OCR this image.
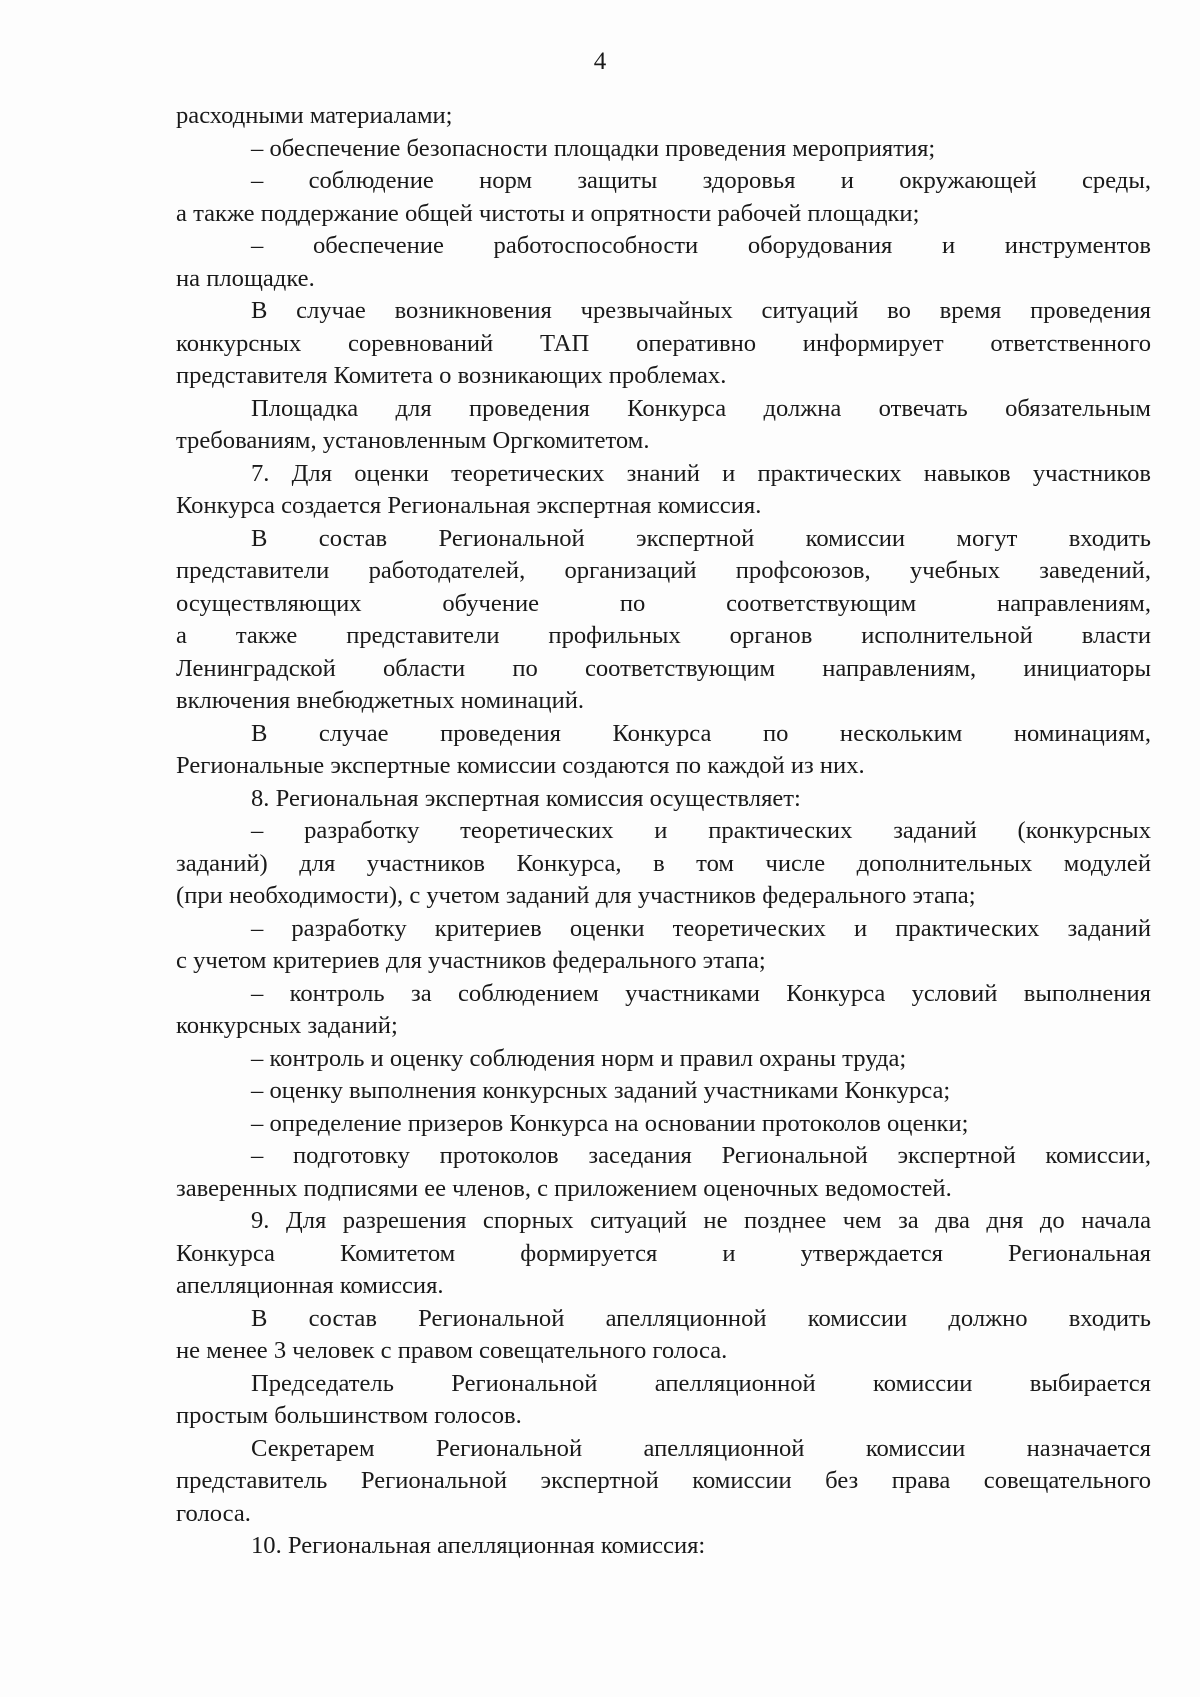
4
расходными материалами;
– обеспечение безопасности площадки проведения мероприятия;
– соблюдение норм защиты здоровья и окружающей среды,
а также поддержание общей чистоты и опрятности рабочей площадки;
– обеспечение работоспособности оборудования и инструментов
на площадке.
В случае возникновения чрезвычайных ситуаций во время проведения
конкурсных соревнований ТАП оперативно информирует ответственного
представителя Комитета о возникающих проблемах.
Площадка для проведения Конкурса должна отвечать обязательным
требованиям, установленным Оргкомитетом.
7. Для оценки теоретических знаний и практических навыков участников
Конкурса создается Региональная экспертная комиссия.
В состав Региональной экспертной комиссии могут входить
представители работодателей, организаций профсоюзов, учебных заведений,
осуществляющих обучение по соответствующим направлениям,
а также представители профильных органов исполнительной власти
Ленинградской области по соответствующим направлениям, инициаторы
включения внебюджетных номинаций.
В случае проведения Конкурса по нескольким номинациям,
Региональные экспертные комиссии создаются по каждой из них.
8. Региональная экспертная комиссия осуществляет:
– разработку теоретических и практических заданий (конкурсных
заданий) для участников Конкурса, в том числе дополнительных модулей
(при необходимости), с учетом заданий для участников федерального этапа;
– разработку критериев оценки теоретических и практических заданий
с учетом критериев для участников федерального этапа;
– контроль за соблюдением участниками Конкурса условий выполнения
конкурсных заданий;
– контроль и оценку соблюдения норм и правил охраны труда;
– оценку выполнения конкурсных заданий участниками Конкурса;
– определение призеров Конкурса на основании протоколов оценки;
– подготовку протоколов заседания Региональной экспертной комиссии,
заверенных подписями ее членов, с приложением оценочных ведомостей.
9. Для разрешения спорных ситуаций не позднее чем за два дня до начала
Конкурса Комитетом формируется и утверждается Региональная
апелляционная комиссия.
В состав Региональной апелляционной комиссии должно входить
не менее 3 человек с правом совещательного голоса.
Председатель Региональной апелляционной комиссии выбирается
простым большинством голосов.
Секретарем Региональной апелляционной комиссии назначается
представитель Региональной экспертной комиссии без права совещательного
голоса.
10. Региональная апелляционная комиссия:
